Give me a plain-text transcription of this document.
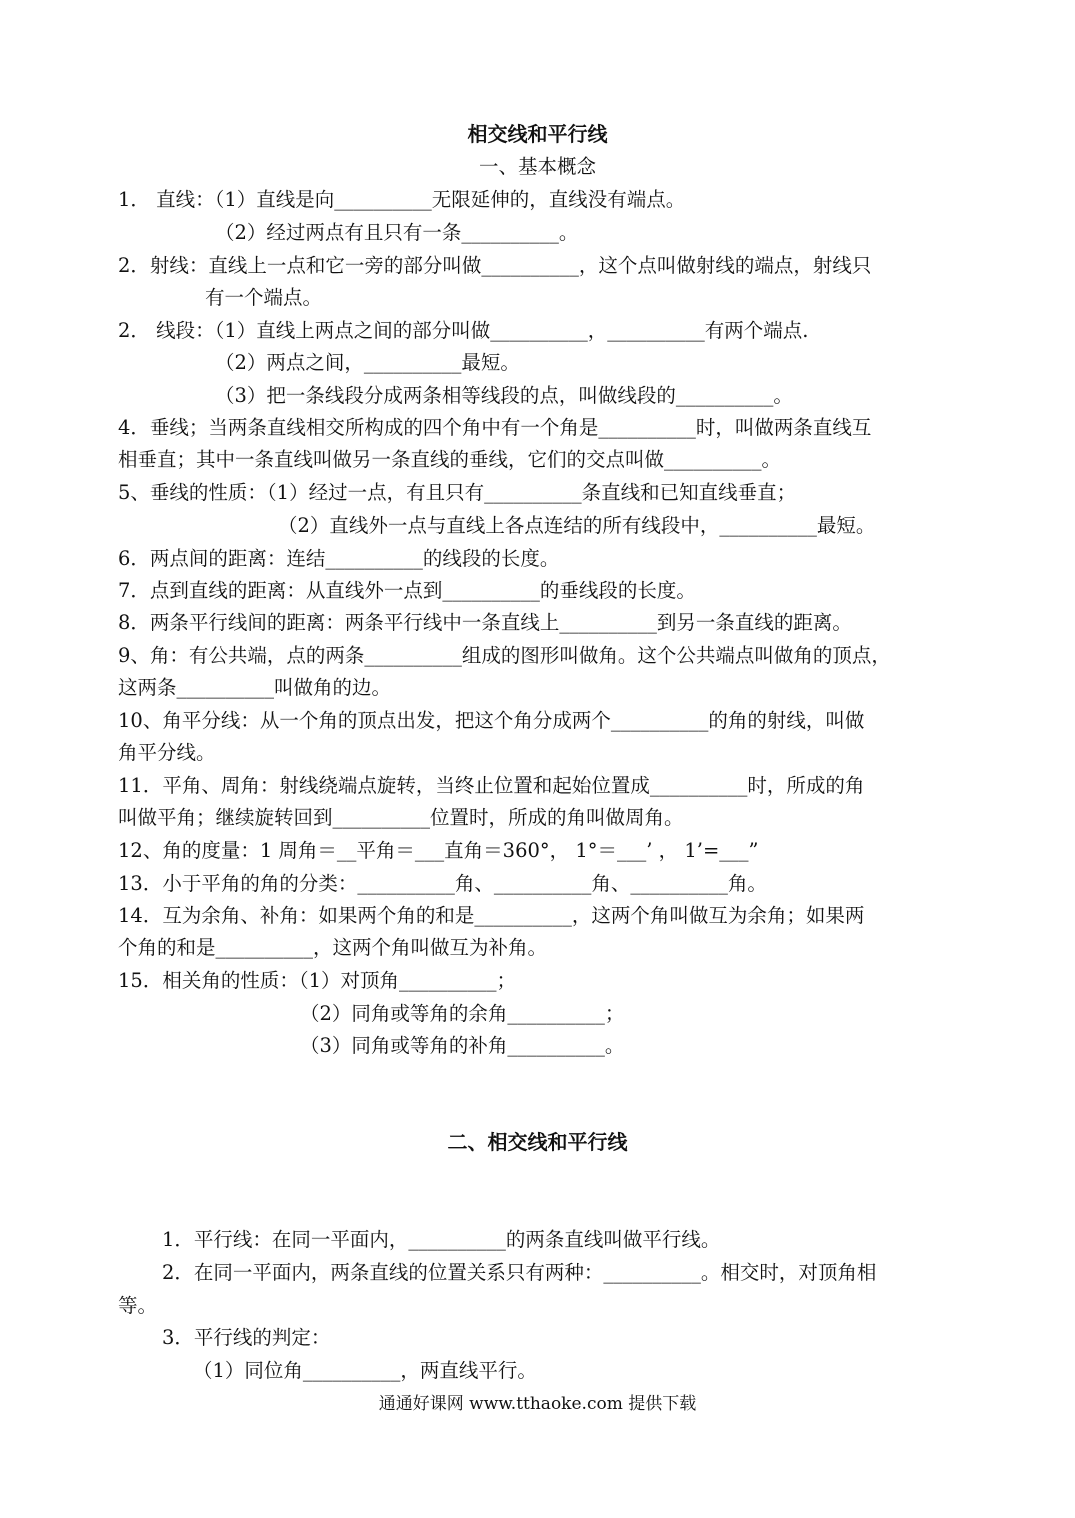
相交线和平行线
一、基本概念
1． 直线：（1）直线是向__________无限延伸的，直线没有端点。
（2）经过两点有且只有一条__________。
2．射线：直线上一点和它一旁的部分叫做__________，这个点叫做射线的端点，射线只
有一个端点。
2． 线段：（1）直线上两点之间的部分叫做__________，__________有两个端点.
（2）两点之间，__________最短。
（3）把一条线段分成两条相等线段的点，叫做线段的__________。
4．垂线；当两条直线相交所构成的四个角中有一个角是__________时，叫做两条直线互
相垂直；其中一条直线叫做另一条直线的垂线，它们的交点叫做__________。
5、垂线的性质：（1）经过一点，有且只有__________条直线和已知直线垂直；
（2）直线外一点与直线上各点连结的所有线段中，__________最短。
6．两点间的距离：连结__________的线段的长度。
7．点到直线的距离：从直线外一点到__________的垂线段的长度。
8．两条平行线间的距离：两条平行线中一条直线上__________到另一条直线的距离。
9、角：有公共端，点的两条__________组成的图形叫做角。这个公共端点叫做角的顶点，
这两条__________叫做角的边。
10、角平分线：从一个角的顶点出发，把这个角分成两个__________的角的射线，叫做
角平分线。
11．平角、周角：射线绕端点旋转，当终止位置和起始位置成__________时，所成的角
叫做平角；继续旋转回到__________位置时，所成的角叫做周角。
12、角的度量：1 周角＝__平角＝___直角＝360°， 1°＝___’ ， 1’=___”
13．小于平角的角的分类：__________角、__________角、__________角。
14．互为余角、补角：如果两个角的和是__________，这两个角叫做互为余角；如果两
个角的和是__________，这两个角叫做互为补角。
15．相关角的性质：（1）对顶角__________；
（2）同角或等角的余角__________；
（3）同角或等角的补角__________。
二、相交线和平行线
1．平行线：在同一平面内，__________的两条直线叫做平行线。
2．在同一平面内，两条直线的位置关系只有两种：__________。相交时，对顶角相
等。
3．平行线的判定：
（1）同位角__________，两直线平行。
通通好课网 www.tthaoke.com 提供下载
